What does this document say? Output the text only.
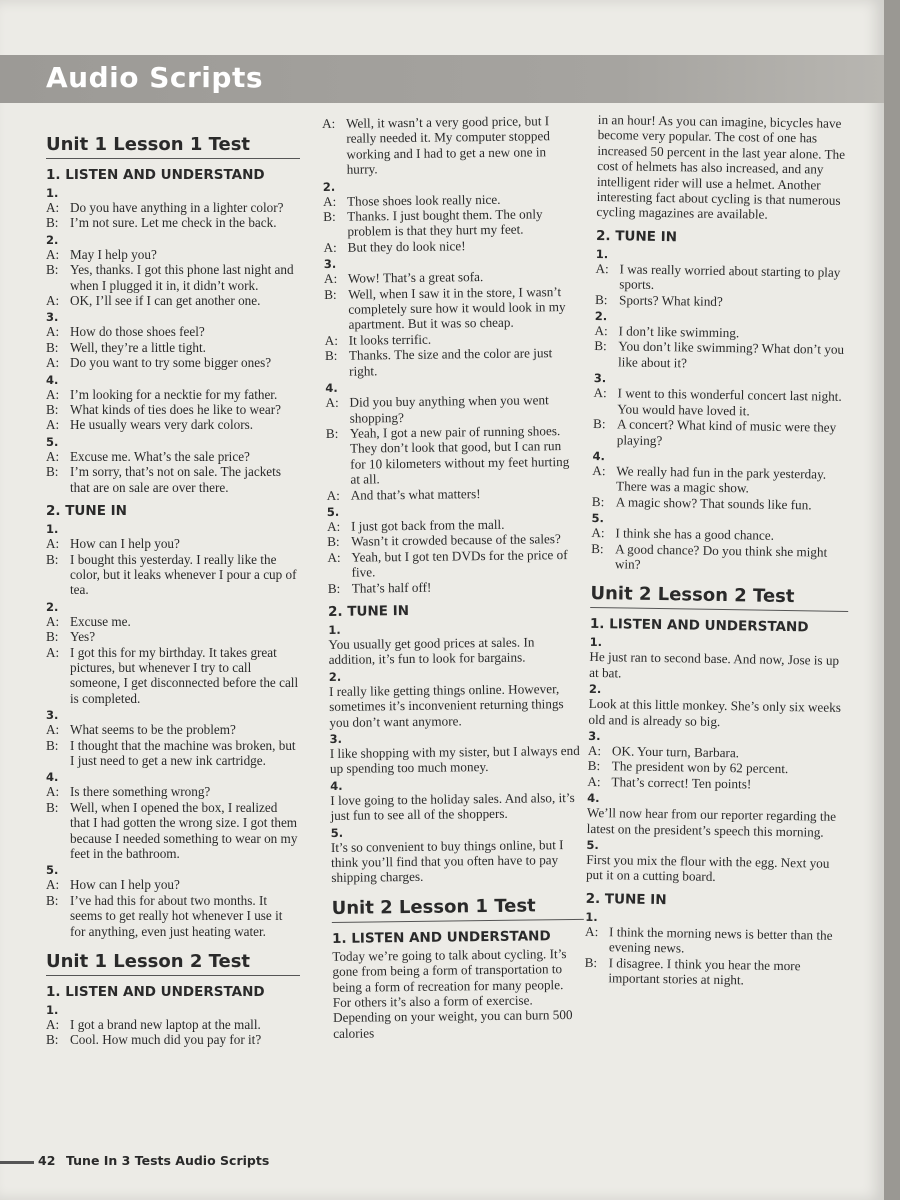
Audio Scripts
Unit 1 Lesson 1 Test
1. LISTEN AND UNDERSTAND
1.
A: Do you have anything in a lighter color?
B: I’m not sure. Let me check in the back.
2.
A: May I help you?
B: Yes, thanks. I got this phone last night and when I plugged it in, it didn’t work.
A: OK, I’ll see if I can get another one.
3.
A: How do those shoes feel?
B: Well, they’re a little tight.
A: Do you want to try some bigger ones?
4.
A: I’m looking for a necktie for my father.
B: What kinds of ties does he like to wear?
A: He usually wears very dark colors.
5.
A: Excuse me. What’s the sale price?
B: I’m sorry, that’s not on sale. The jackets that are on sale are over there.
2. TUNE IN
1.
A: How can I help you?
B: I bought this yesterday. I really like the color, but it leaks whenever I pour a cup of tea.
2.
A: Excuse me.
B: Yes?
A: I got this for my birthday. It takes great pictures, but whenever I try to call someone, I get disconnected before the call is completed.
3.
A: What seems to be the problem?
B: I thought that the machine was broken, but I just need to get a new ink cartridge.
4.
A: Is there something wrong?
B: Well, when I opened the box, I realized that I had gotten the wrong size. I got them because I needed something to wear on my feet in the bathroom.
5.
A: How can I help you?
B: I’ve had this for about two months. It seems to get really hot whenever I use it for anything, even just heating water.
Unit 1 Lesson 2 Test
1. LISTEN AND UNDERSTAND
1.
A: I got a brand new laptop at the mall.
B: Cool. How much did you pay for it?
A: Well, it wasn’t a very good price, but I really needed it. My computer stopped working and I had to get a new one in hurry.
2.
A: Those shoes look really nice.
B: Thanks. I just bought them. The only problem is that they hurt my feet.
A: But they do look nice!
3.
A: Wow! That’s a great sofa.
B: Well, when I saw it in the store, I wasn’t completely sure how it would look in my apartment. But it was so cheap.
A: It looks terrific.
B: Thanks. The size and the color are just right.
4.
A: Did you buy anything when you went shopping?
B: Yeah, I got a new pair of running shoes. They don’t look that good, but I can run for 10 kilometers without my feet hurting at all.
A: And that’s what matters!
5.
A: I just got back from the mall.
B: Wasn’t it crowded because of the sales?
A: Yeah, but I got ten DVDs for the price of five.
B: That’s half off!
2. TUNE IN
1.
You usually get good prices at sales. In addition, it’s fun to look for bargains.
2.
I really like getting things online. However, sometimes it’s inconvenient returning things you don’t want anymore.
3.
I like shopping with my sister, but I always end up spending too much money.
4.
I love going to the holiday sales. And also, it’s just fun to see all of the shoppers.
5.
It’s so convenient to buy things online, but I think you’ll find that you often have to pay shipping charges.
Unit 2 Lesson 1 Test
1. LISTEN AND UNDERSTAND
Today we’re going to talk about cycling. It’s gone from being a form of transportation to being a form of recreation for many people. For others it’s also a form of exercise. Depending on your weight, you can burn 500 calories
in an hour! As you can imagine, bicycles have become very popular. The cost of one has increased 50 percent in the last year alone. The cost of helmets has also increased, and any intelligent rider will use a helmet. Another interesting fact about cycling is that numerous cycling magazines are available.
2. TUNE IN
1.
A: I was really worried about starting to play sports.
B: Sports? What kind?
2.
A: I don’t like swimming.
B: You don’t like swimming? What don’t you like about it?
3.
A: I went to this wonderful concert last night. You would have loved it.
B: A concert? What kind of music were they playing?
4.
A: We really had fun in the park yesterday. There was a magic show.
B: A magic show? That sounds like fun.
5.
A: I think she has a good chance.
B: A good chance? Do you think she might win?
Unit 2 Lesson 2 Test
1. LISTEN AND UNDERSTAND
1.
He just ran to second base. And now, Jose is up at bat.
2.
Look at this little monkey. She’s only six weeks old and is already so big.
3.
A: OK. Your turn, Barbara.
B: The president won by 62 percent.
A: That’s correct! Ten points!
4.
We’ll now hear from our reporter regarding the latest on the president’s speech this morning.
5.
First you mix the flour with the egg. Next you put it on a cutting board.
2. TUNE IN
1.
A: I think the morning news is better than the evening news.
B: I disagree. I think you hear the more important stories at night.
42 Tune In 3 Tests Audio Scripts
